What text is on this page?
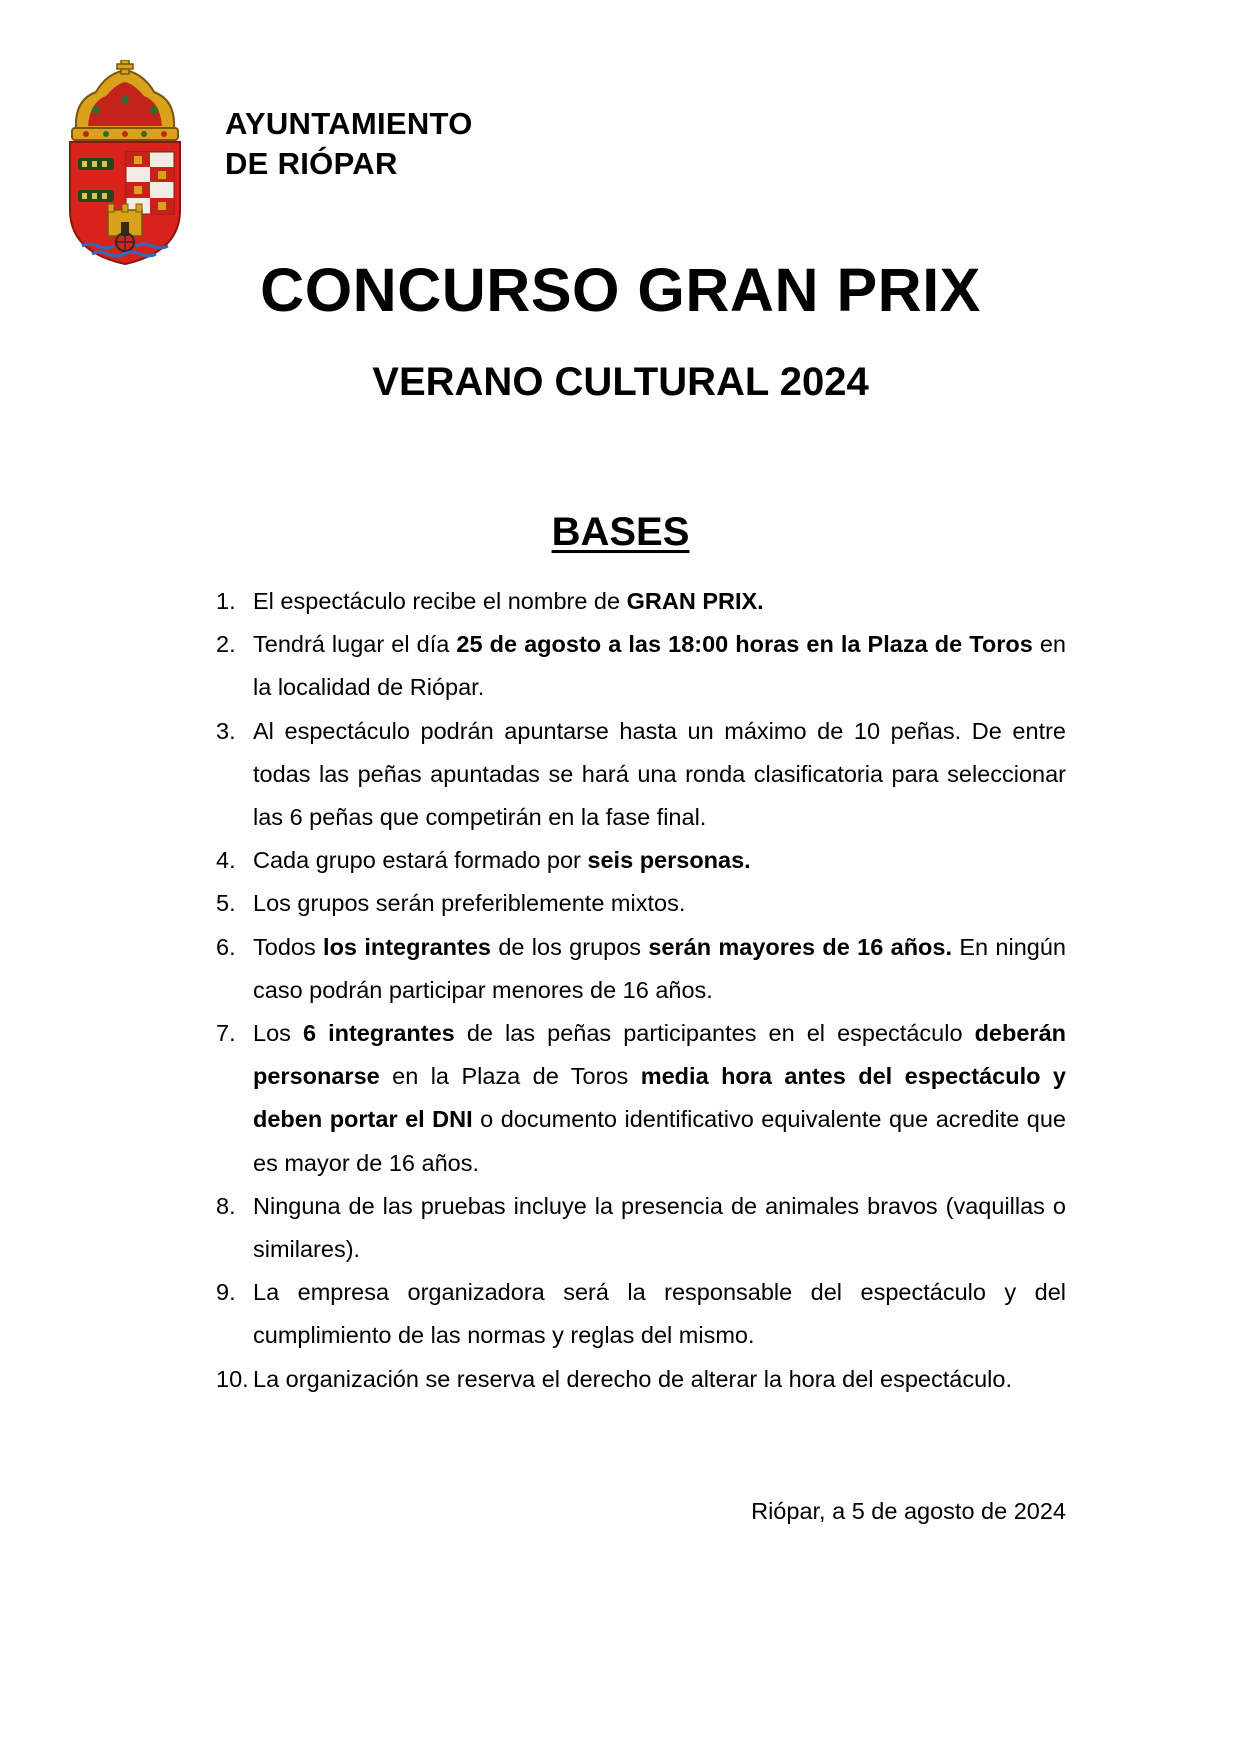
AYUNTAMIENTO
DE RIÓPAR
CONCURSO GRAN PRIX
VERANO CULTURAL 2024
BASES
1. El espectáculo recibe el nombre de GRAN PRIX.
2. Tendrá lugar el día 25 de agosto a las 18:00 horas en la Plaza de Toros en la localidad de Riópar.
3. Al espectáculo podrán apuntarse hasta un máximo de 10 peñas. De entre todas las peñas apuntadas se hará una ronda clasificatoria para seleccionar las 6 peñas que competirán en la fase final.
4. Cada grupo estará formado por seis personas.
5. Los grupos serán preferiblemente mixtos.
6. Todos los integrantes de los grupos serán mayores de 16 años. En ningún caso podrán participar menores de 16 años.
7. Los 6 integrantes de las peñas participantes en el espectáculo deberán personarse en la Plaza de Toros media hora antes del espectáculo y deben portar el DNI o documento identificativo equivalente que acredite que es mayor de 16 años.
8. Ninguna de las pruebas incluye la presencia de animales bravos (vaquillas o similares).
9. La empresa organizadora será la responsable del espectáculo y del cumplimiento de las normas y reglas del mismo.
10. La organización se reserva el derecho de alterar la hora del espectáculo.
Riópar, a 5 de agosto de 2024
